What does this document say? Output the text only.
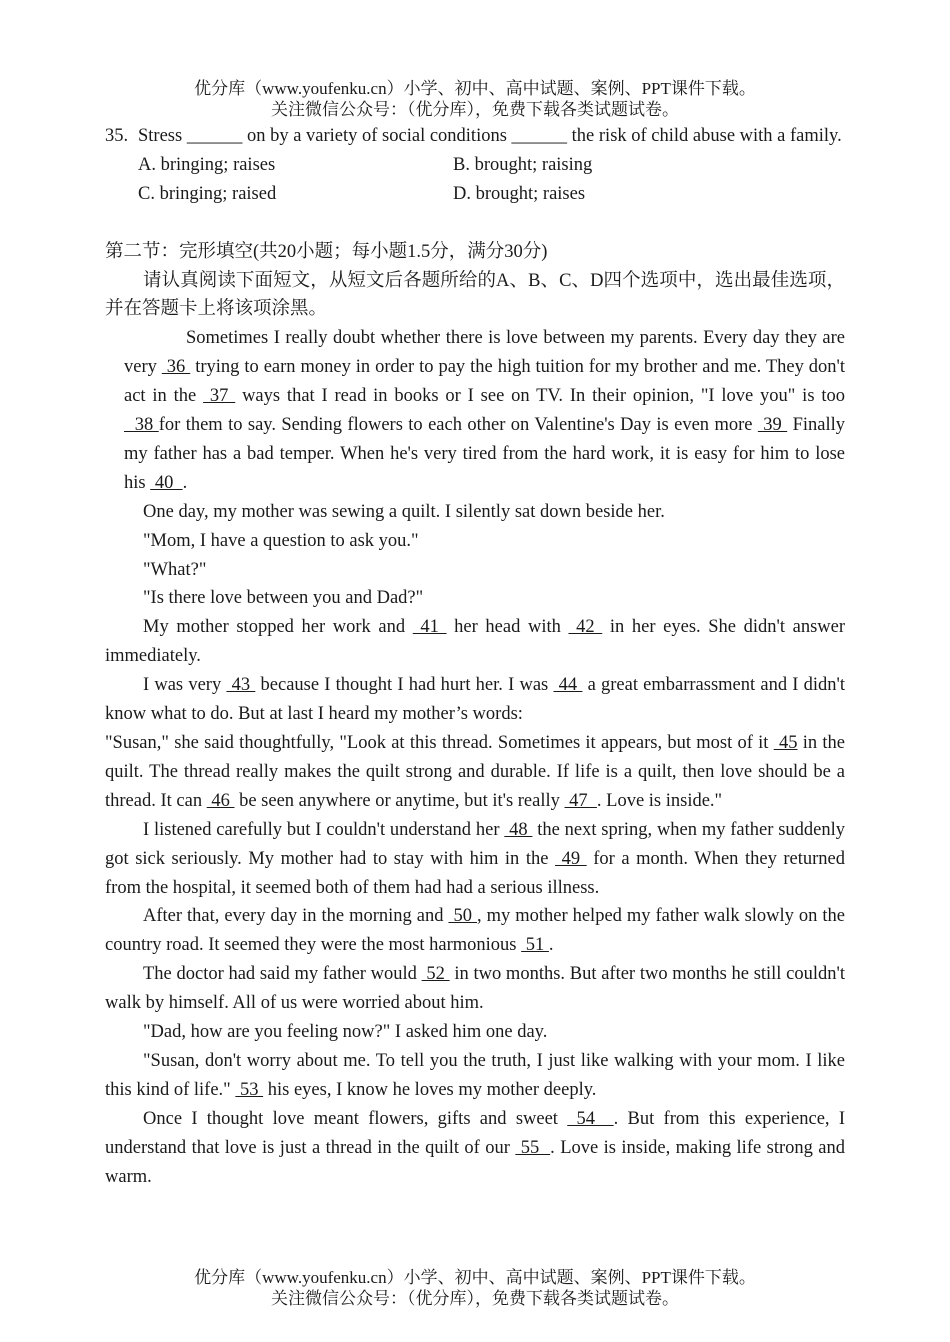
优分库（www.youfenku.cn）小学、初中、高中试题、案例、PPT课件下载。
关注微信公众号：（优分库），免费下载各类试题试卷。
35. Stress ______ on by a variety of social conditions ______ the risk of child abuse with a family.
A. bringing; raises	B. brought; raising
C. bringing; raised	D. brought; raises

第二节：完形填空(共20小题；每小题1.5分，满分30分)

请认真阅读下面短文，从短文后各题所给的A、B、C、D四个选项中，选出最佳选项，并在答题卡上将该项涂黑。

Sometimes I really doubt whether there is love between my parents. Every day they are very  36  trying to earn money in order to pay the high tuition for my brother and me. They don't act in the  37  ways that I read in books or I see on TV. In their opinion, "I love you" is too   38 for them to say. Sending flowers to each other on Valentine's Day is even more  39  Finally my father has a bad temper. When he's very tired from the hard work, it is easy for him to lose his  40  .

One day, my mother was sewing a quilt. I silently sat down beside her.

"Mom, I have a question to ask you."

"What?"

"Is there love between you and Dad?"

My mother stopped her work and  41  her head with  42  in her eyes. She didn't answer immediately.

I was very  43  because I thought I had hurt her. I was  44  a great embarrassment and I didn't know what to do. But at last I heard my mother’s words:

"Susan," she said thoughtfully, "Look at this thread. Sometimes it appears, but most of it  45 in the quilt. The thread really makes the quilt strong and durable. If life is a quilt, then love should be a thread. It can  46  be seen anywhere or anytime, but it's really  47  . Love is inside."

I listened carefully but I couldn't understand her  48  the next spring, when my father suddenly got sick seriously. My mother had to stay with him in the  49  for a month. When they returned from the hospital, it seemed both of them had had a serious illness.

After that, every day in the morning and  50 , my mother helped my father walk slowly on the country road. It seemed they were the most harmonious  51 .

The doctor had said my father would  52  in two months. But after two months he still couldn't walk by himself. All of us were worried about him.

"Dad, how are you feeling now?" I asked him one day.

"Susan, don't worry about me. To tell you the truth, I just like walking with your mom. I like this kind of life."  53  his eyes, I know he loves my mother deeply.

Once I thought love meant flowers, gifts and sweet  54  . But from this experience, I understand that love is just a thread in the quilt of our  55  . Love is inside, making life strong and warm.

优分库（www.youfenku.cn）小学、初中、高中试题、案例、PPT课件下载。
关注微信公众号：（优分库），免费下载各类试题试卷。
